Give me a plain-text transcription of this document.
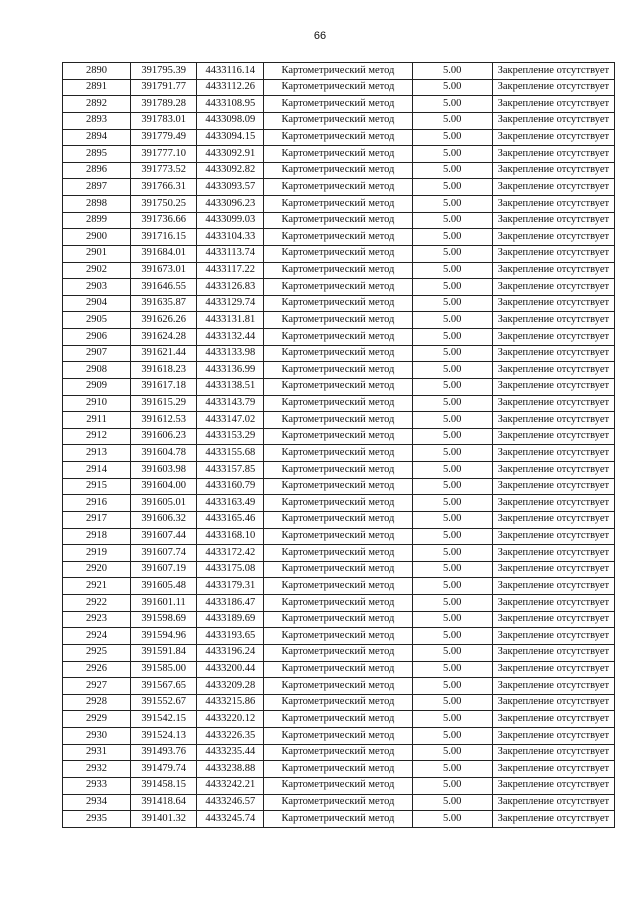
66
2890	391795.39	4433116.14	Картометрический метод	5.00	Закрепление отсутствует
2891	391791.77	4433112.26	Картометрический метод	5.00	Закрепление отсутствует
2892	391789.28	4433108.95	Картометрический метод	5.00	Закрепление отсутствует
2893	391783.01	4433098.09	Картометрический метод	5.00	Закрепление отсутствует
2894	391779.49	4433094.15	Картометрический метод	5.00	Закрепление отсутствует
2895	391777.10	4433092.91	Картометрический метод	5.00	Закрепление отсутствует
2896	391773.52	4433092.82	Картометрический метод	5.00	Закрепление отсутствует
2897	391766.31	4433093.57	Картометрический метод	5.00	Закрепление отсутствует
2898	391750.25	4433096.23	Картометрический метод	5.00	Закрепление отсутствует
2899	391736.66	4433099.03	Картометрический метод	5.00	Закрепление отсутствует
2900	391716.15	4433104.33	Картометрический метод	5.00	Закрепление отсутствует
2901	391684.01	4433113.74	Картометрический метод	5.00	Закрепление отсутствует
2902	391673.01	4433117.22	Картометрический метод	5.00	Закрепление отсутствует
2903	391646.55	4433126.83	Картометрический метод	5.00	Закрепление отсутствует
2904	391635.87	4433129.74	Картометрический метод	5.00	Закрепление отсутствует
2905	391626.26	4433131.81	Картометрический метод	5.00	Закрепление отсутствует
2906	391624.28	4433132.44	Картометрический метод	5.00	Закрепление отсутствует
2907	391621.44	4433133.98	Картометрический метод	5.00	Закрепление отсутствует
2908	391618.23	4433136.99	Картометрический метод	5.00	Закрепление отсутствует
2909	391617.18	4433138.51	Картометрический метод	5.00	Закрепление отсутствует
2910	391615.29	4433143.79	Картометрический метод	5.00	Закрепление отсутствует
2911	391612.53	4433147.02	Картометрический метод	5.00	Закрепление отсутствует
2912	391606.23	4433153.29	Картометрический метод	5.00	Закрепление отсутствует
2913	391604.78	4433155.68	Картометрический метод	5.00	Закрепление отсутствует
2914	391603.98	4433157.85	Картометрический метод	5.00	Закрепление отсутствует
2915	391604.00	4433160.79	Картометрический метод	5.00	Закрепление отсутствует
2916	391605.01	4433163.49	Картометрический метод	5.00	Закрепление отсутствует
2917	391606.32	4433165.46	Картометрический метод	5.00	Закрепление отсутствует
2918	391607.44	4433168.10	Картометрический метод	5.00	Закрепление отсутствует
2919	391607.74	4433172.42	Картометрический метод	5.00	Закрепление отсутствует
2920	391607.19	4433175.08	Картометрический метод	5.00	Закрепление отсутствует
2921	391605.48	4433179.31	Картометрический метод	5.00	Закрепление отсутствует
2922	391601.11	4433186.47	Картометрический метод	5.00	Закрепление отсутствует
2923	391598.69	4433189.69	Картометрический метод	5.00	Закрепление отсутствует
2924	391594.96	4433193.65	Картометрический метод	5.00	Закрепление отсутствует
2925	391591.84	4433196.24	Картометрический метод	5.00	Закрепление отсутствует
2926	391585.00	4433200.44	Картометрический метод	5.00	Закрепление отсутствует
2927	391567.65	4433209.28	Картометрический метод	5.00	Закрепление отсутствует
2928	391552.67	4433215.86	Картометрический метод	5.00	Закрепление отсутствует
2929	391542.15	4433220.12	Картометрический метод	5.00	Закрепление отсутствует
2930	391524.13	4433226.35	Картометрический метод	5.00	Закрепление отсутствует
2931	391493.76	4433235.44	Картометрический метод	5.00	Закрепление отсутствует
2932	391479.74	4433238.88	Картометрический метод	5.00	Закрепление отсутствует
2933	391458.15	4433242.21	Картометрический метод	5.00	Закрепление отсутствует
2934	391418.64	4433246.57	Картометрический метод	5.00	Закрепление отсутствует
2935	391401.32	4433245.74	Картометрический метод	5.00	Закрепление отсутствует
